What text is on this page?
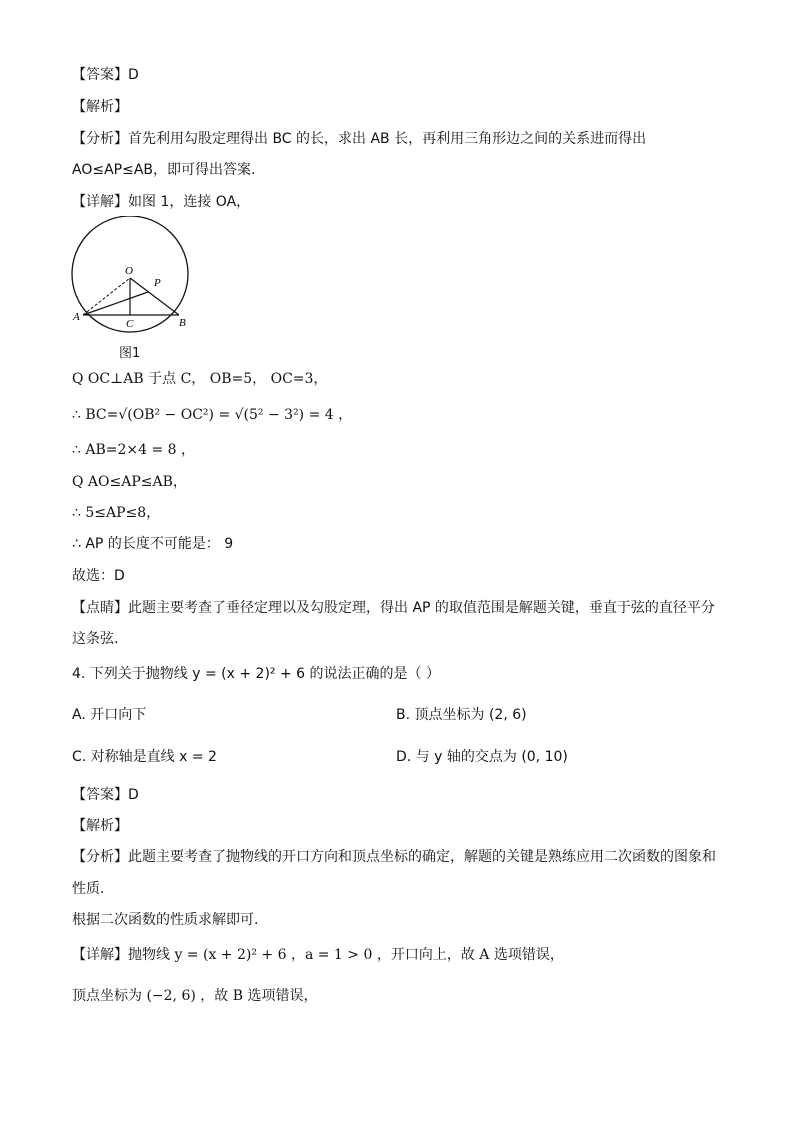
【答案】D
【解析】
【分析】首先利用勾股定理得出 BC 的长，求出 AB 长，再利用三角形边之间的关系进而得出
AO≤AP≤AB，即可得出答案.
【详解】如图 1，连接 OA，
O
P
A
C	B
图1
Q OC⊥AB 于点 C， OB=5， OC=3，
∴ BC=√(OB² − OC²) = √(5² − 3²) = 4 ，
∴ AB=2×4 = 8 ，
Q AO≤AP≤AB，
∴ 5≤AP≤8，
∴ AP 的长度不可能是： 9
故选：D
【点睛】此题主要考查了垂径定理以及勾股定理，得出 AP 的取值范围是解题关键，垂直于弦的直径平分
这条弦.
4. 下列关于抛物线 y = (x + 2)² + 6 的说法正确的是（ ）
A. 开口向下	B. 顶点坐标为 (2, 6)
C. 对称轴是直线 x = 2	D. 与 y 轴的交点为 (0, 10)
【答案】D
【解析】
【分析】此题主要考查了抛物线的开口方向和顶点坐标的确定，解题的关键是熟练应用二次函数的图象和
性质.
根据二次函数的性质求解即可.
【详解】抛物线 y = (x + 2)² + 6 ，a = 1 > 0 ，开口向上，故 A 选项错误，
顶点坐标为 (−2, 6) ，故 B 选项错误，
